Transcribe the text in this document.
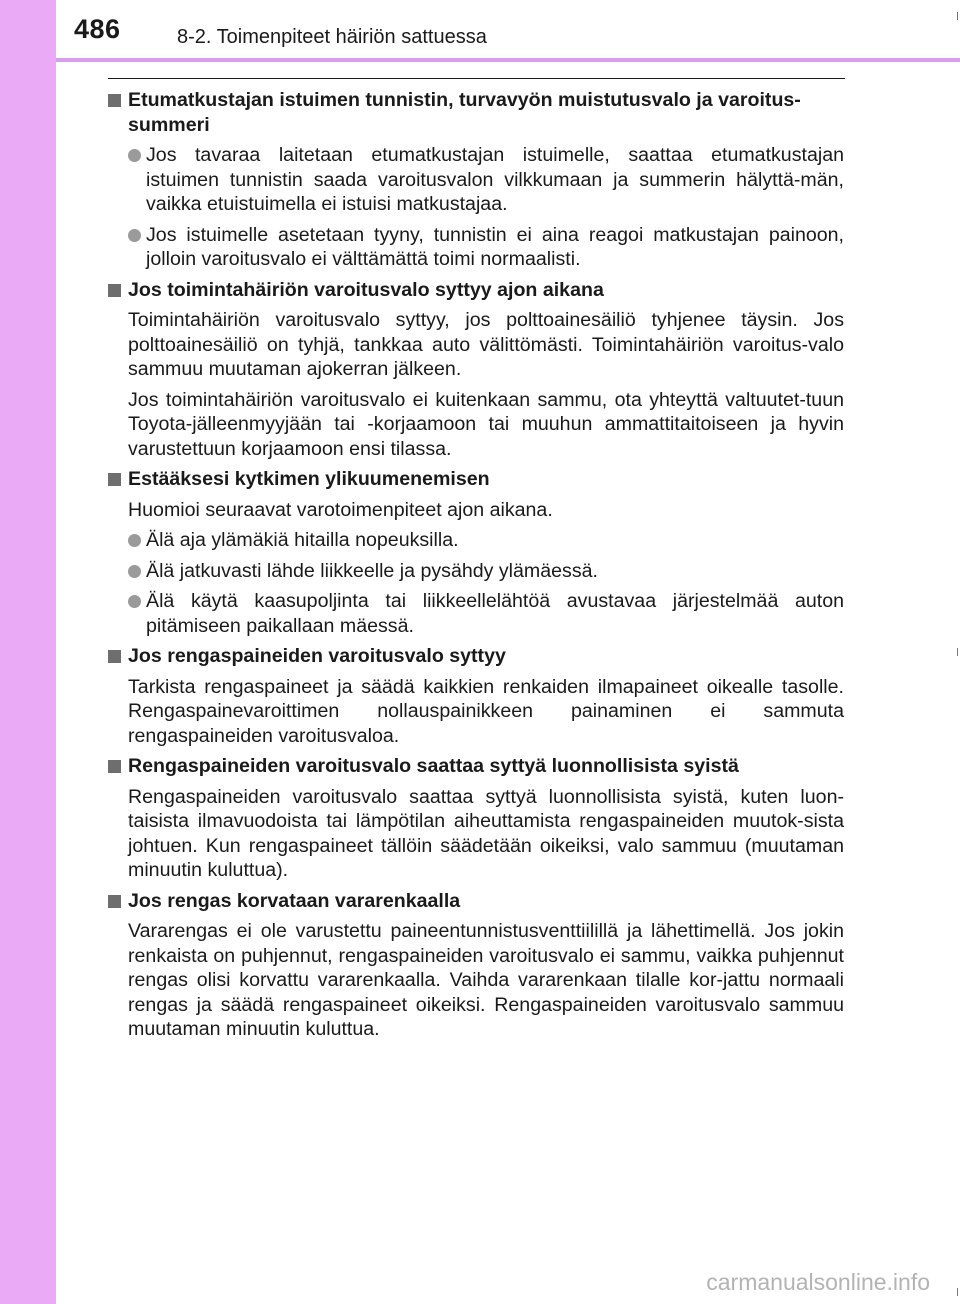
486	8-2. Toimenpiteet häiriön sattuessa
Etumatkustajan istuimen tunnistin, turvavyön muistutusvalo ja varoitus-summeri
Jos tavaraa laitetaan etumatkustajan istuimelle, saattaa etumatkustajan istuimen tunnistin saada varoitusvalon vilkkumaan ja summerin hälyttä-män, vaikka etuistuimella ei istuisi matkustajaa.
Jos istuimelle asetetaan tyyny, tunnistin ei aina reagoi matkustajan painoon, jolloin varoitusvalo ei välttämättä toimi normaalisti.
Jos toimintahäiriön varoitusvalo syttyy ajon aikana
Toimintahäiriön varoitusvalo syttyy, jos polttoainesäiliö tyhjenee täysin. Jos polttoainesäiliö on tyhjä, tankkaa auto välittömästi. Toimintahäiriön varoitus-valo sammuu muutaman ajokerran jälkeen.
Jos toimintahäiriön varoitusvalo ei kuitenkaan sammu, ota yhteyttä valtuutet-tuun Toyota-jälleenmyyjään tai -korjaamoon tai muuhun ammattitaitoiseen ja hyvin varustettuun korjaamoon ensi tilassa.
Estääksesi kytkimen ylikuumenemisen
Huomioi seuraavat varotoimenpiteet ajon aikana.
Älä aja ylämäkiä hitailla nopeuksilla.
Älä jatkuvasti lähde liikkeelle ja pysähdy ylämäessä.
Älä käytä kaasupoljinta tai liikkeellelähtöä avustavaa järjestelmää auton pitämiseen paikallaan mäessä.
Jos rengaspaineiden varoitusvalo syttyy
Tarkista rengaspaineet ja säädä kaikkien renkaiden ilmapaineet oikealle tasolle. Rengaspainevaroittimen nollauspainikkeen painaminen ei sammuta rengaspaineiden varoitusvaloa.
Rengaspaineiden varoitusvalo saattaa syttyä luonnollisista syistä
Rengaspaineiden varoitusvalo saattaa syttyä luonnollisista syistä, kuten luon-taisista ilmavuodoista tai lämpötilan aiheuttamista rengaspaineiden muutok-sista johtuen. Kun rengaspaineet tällöin säädetään oikeiksi, valo sammuu (muutaman minuutin kuluttua).
Jos rengas korvataan vararenkaalla
Vararengas ei ole varustettu paineentunnistusventtiilillä ja lähettimellä. Jos jokin renkaista on puhjennut, rengaspaineiden varoitusvalo ei sammu, vaikka puhjennut rengas olisi korvattu vararenkaalla. Vaihda vararenkaan tilalle kor-jattu normaali rengas ja säädä rengaspaineet oikeiksi. Rengaspaineiden varoitusvalo sammuu muutaman minuutin kuluttua.
carmanualsonline.info
